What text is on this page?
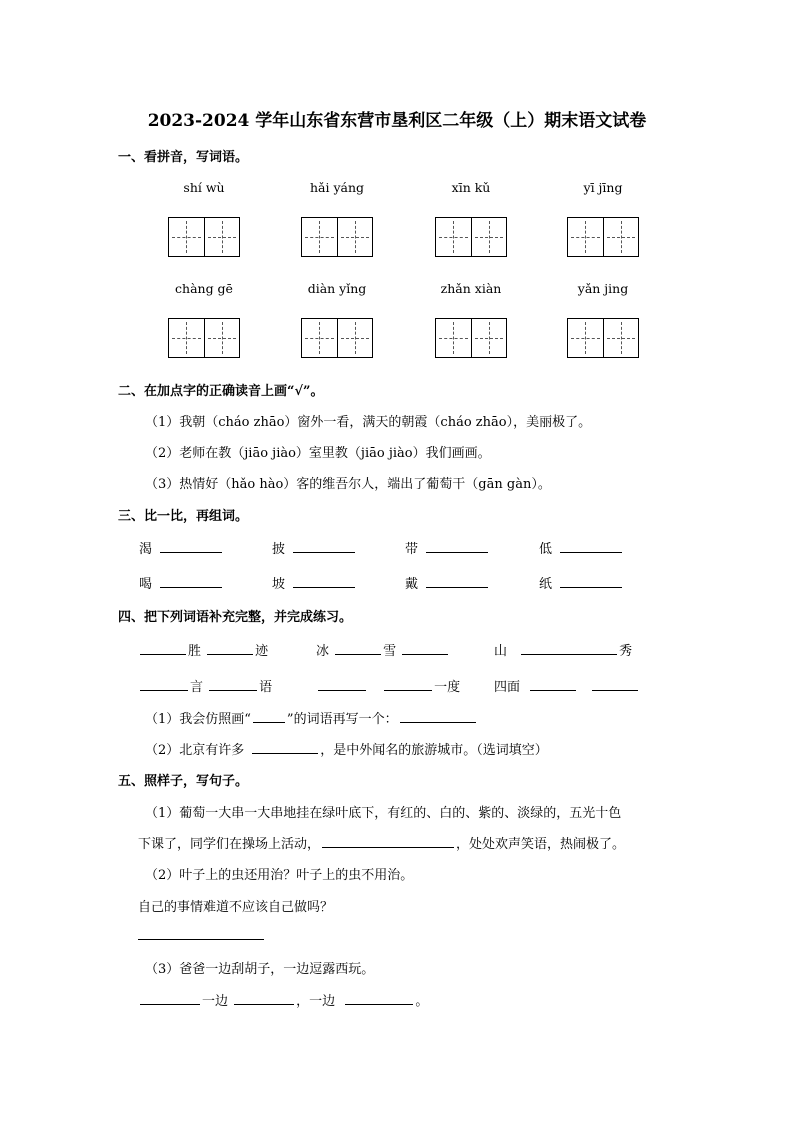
2023-2024 学年山东省东营市垦利区二年级（上）期末语文试卷
一、看拼音，写词语。
shí wù	hǎi yáng	xīn kǔ	yī jīng
chàng gē	diàn yǐng	zhǎn xiàn	yǎn jing
二、在加点字的正确读音上画“√”。
（1）我朝（cháo zhāo）窗外一看，满天的朝霞（cháo zhāo），美丽极了。
（2）老师在教（jiāo jiào）室里教（jiāo jiào）我们画画。
（3）热情好（hǎo hào）客的维吾尔人，端出了葡萄干（gān gàn）。
三、比一比，再组词。
渴	披	带	低
喝	坡	戴	纸
四、把下列词语补充完整，并完成练习。
胜	迹	冰	雪	山	秀
言	语	一度	四面
（1）我会仿照画“	”的词语再写一个：
（2）北京有许多	，是中外闻名的旅游城市。（选词填空）
五、照样子，写句子。
（1）葡萄一大串一大串地挂在绿叶底下，有红的、白的、紫的、淡绿的，五光十色
下课了，同学们在操场上活动，	，处处欢声笑语，热闹极了。
（2）叶子上的虫还用治？叶子上的虫不用治。
自己的事情难道不应该自己做吗？
（3）爸爸一边刮胡子，一边逗露西玩。
一边	，一边	。
